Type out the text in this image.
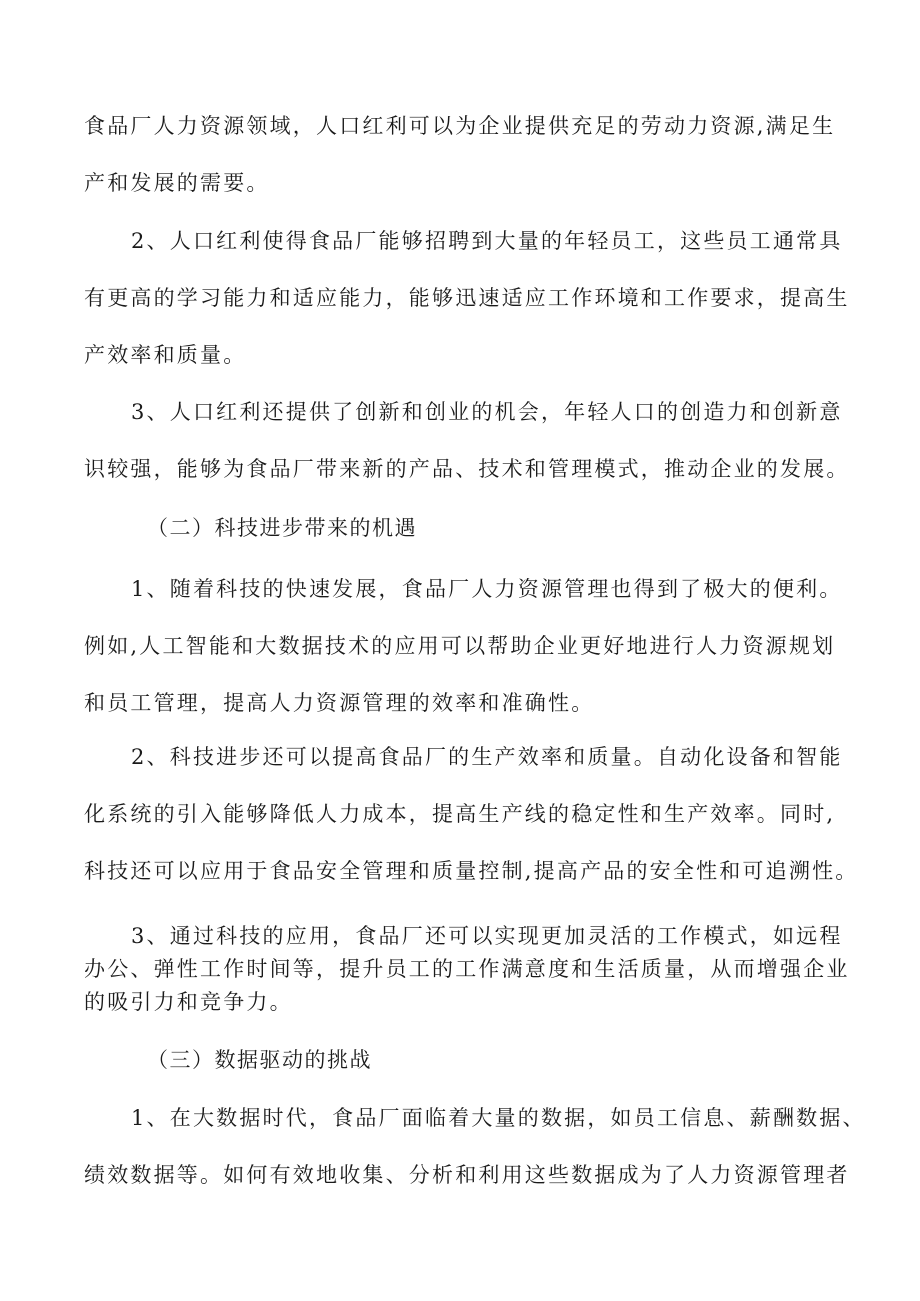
食品厂人力资源领域，人口红利可以为企业提供充足的劳动力资源,满足生
产和发展的需要。

2、人口红利使得食品厂能够招聘到大量的年轻员工，这些员工通常具
有更高的学习能力和适应能力，能够迅速适应工作环境和工作要求，提高生
产效率和质量。

3、人口红利还提供了创新和创业的机会，年轻人口的创造力和创新意
识较强，能够为食品厂带来新的产品、技术和管理模式，推动企业的发展。

（二）科技进步带来的机遇

1、随着科技的快速发展，食品厂人力资源管理也得到了极大的便利。
例如,人工智能和大数据技术的应用可以帮助企业更好地进行人力资源规划
和员工管理，提高人力资源管理的效率和准确性。

2、科技进步还可以提高食品厂的生产效率和质量。自动化设备和智能
化系统的引入能够降低人力成本，提高生产线的稳定性和生产效率。同时,
科技还可以应用于食品安全管理和质量控制,提高产品的安全性和可追溯性。

3、通过科技的应用，食品厂还可以实现更加灵活的工作模式，如远程
办公、弹性工作时间等，提升员工的工作满意度和生活质量，从而增强企业
的吸引力和竞争力。

（三）数据驱动的挑战

1、在大数据时代，食品厂面临着大量的数据，如员工信息、薪酬数据、
绩效数据等。如何有效地收集、分析和利用这些数据成为了人力资源管理者
